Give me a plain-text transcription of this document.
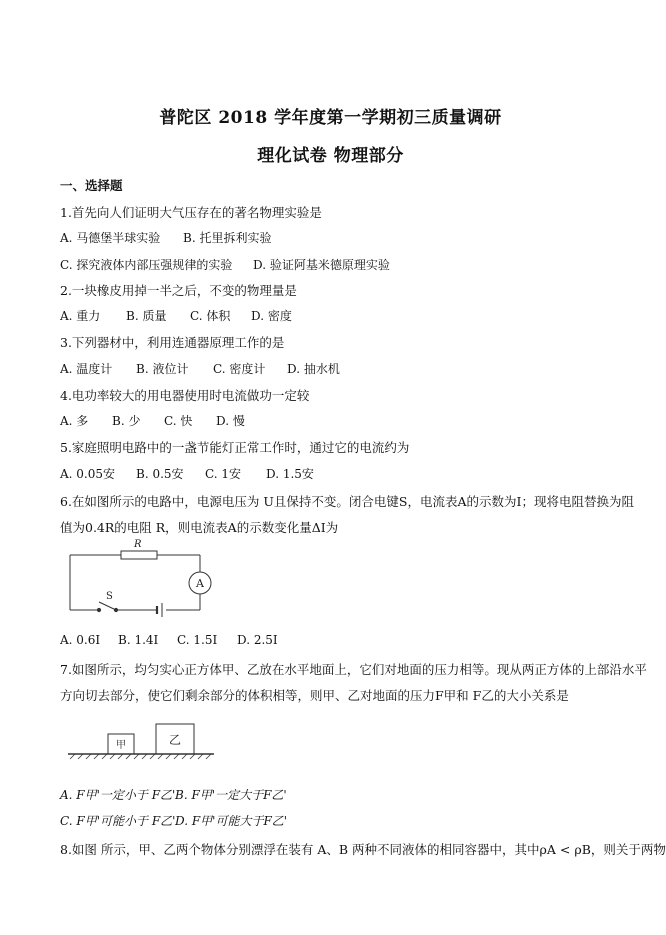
普陀区 2018 学年度第一学期初三质量调研
理化试卷 物理部分
一、选择题
1.首先向人们证明大气压存在的著名物理实验是
A. 马德堡半球实验 B. 托里拆利实验
C. 探究液体内部压强规律的实验 D. 验证阿基米德原理实验
2.一块橡皮用掉一半之后，不变的物理量是
A. 重力 B. 质量 C. 体积 D. 密度
3.下列器材中，利用连通器原理工作的是
A. 温度计 B. 液位计 C. 密度计 D. 抽水机
4.电功率较大的用电器使用时电流做功一定较
A. 多 B. 少 C. 快 D. 慢
5.家庭照明电路中的一盏节能灯正常工作时，通过它的电流约为
A. 0.05安 B. 0.5安 C. 1安 D. 1.5安
6.在如图所示的电路中，电源电压为 U且保持不变。闭合电键S，电流表A的示数为I；现将电阻替换为阻
值为0.4R的电阻 R，则电流表A的示数变化量ΔI为
R
A
S
A. 0.6I B. 1.4I C. 1.5I D. 2.5I
7.如图所示，均匀实心正方体甲、乙放在水平地面上，它们对地面的压力相等。现从两正方体的上部沿水平
方向切去部分，使它们剩余部分的体积相等，则甲、乙对地面的压力F甲和 F乙的大小关系是
甲	乙
A. F甲'一定小于 F乙' B. F甲'一定大于F乙'
C. F甲'可能小于 F乙' D. F甲'可能大于F乙'
8.如图 所示，甲、乙两个物体分别漂浮在装有 A、B 两种不同液体的相同容器中，其中ρA < ρB，则关于两物
